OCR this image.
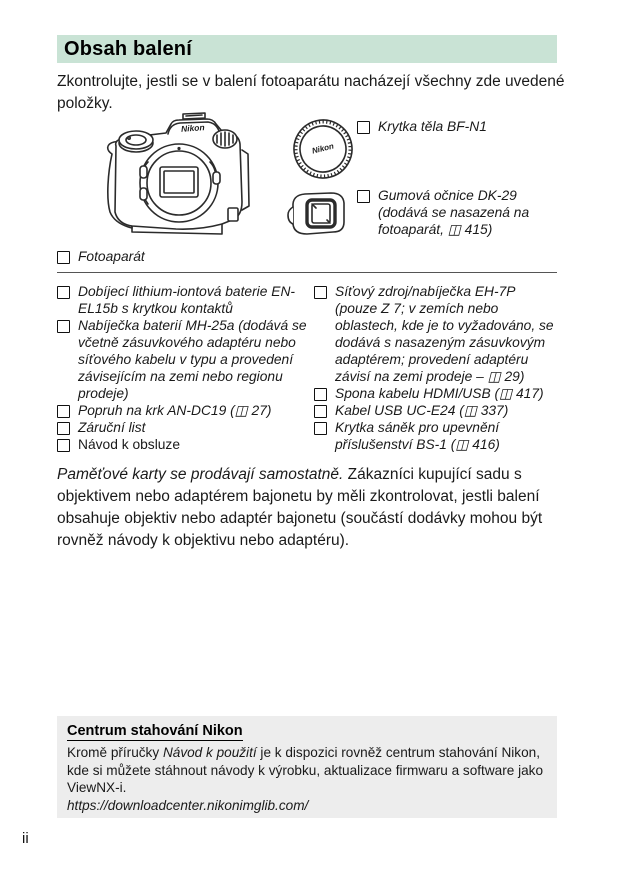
Obsah balení

Zkontrolujte, jestli se v balení fotoaparátu nacházejí všechny zde uvedené položky.

Nikon
Nikon
Krytka těla BF-N1
Gumová očnice DK-29 (dodává se nasazená na fotoaparát, ◫ 415)
Fotoaparát
Dobíjecí lithium-iontová baterie EN-EL15b s krytkou kontaktů
Nabíječka baterií MH-25a (dodává se včetně zásuvkového adaptéru nebo síťového kabelu v typu a provedení závisejícím na zemi nebo regionu prodeje)
Popruh na krk AN-DC19 (◫ 27)
Záruční list
Návod k obsluze
Síťový zdroj/nabíječka EH-7P (pouze Z 7; v zemích nebo oblastech, kde je to vyžadováno, se dodává s nasazeným zásuvkovým adaptérem; provedení adaptéru závisí na zemi prodeje – ◫ 29)
Spona kabelu HDMI/USB (◫ 417)
Kabel USB UC-E24 (◫ 337)
Krytka sáněk pro upevnění příslušenství BS-1 (◫ 416)

Paměťové karty se prodávají samostatně. Zákazníci kupující sadu s objektivem nebo adaptérem bajonetu by měli zkontrolovat, jestli balení obsahuje objektiv nebo adaptér bajonetu (součástí dodávky mohou být rovněž návody k objektivu nebo adaptéru).

Centrum stahování Nikon
Kromě příručky Návod k použití je k dispozici rovněž centrum stahování Nikon, kde si můžete stáhnout návody k výrobku, aktualizace firmwaru a software jako ViewNX-i.
https://downloadcenter.nikonimglib.com/
ii
